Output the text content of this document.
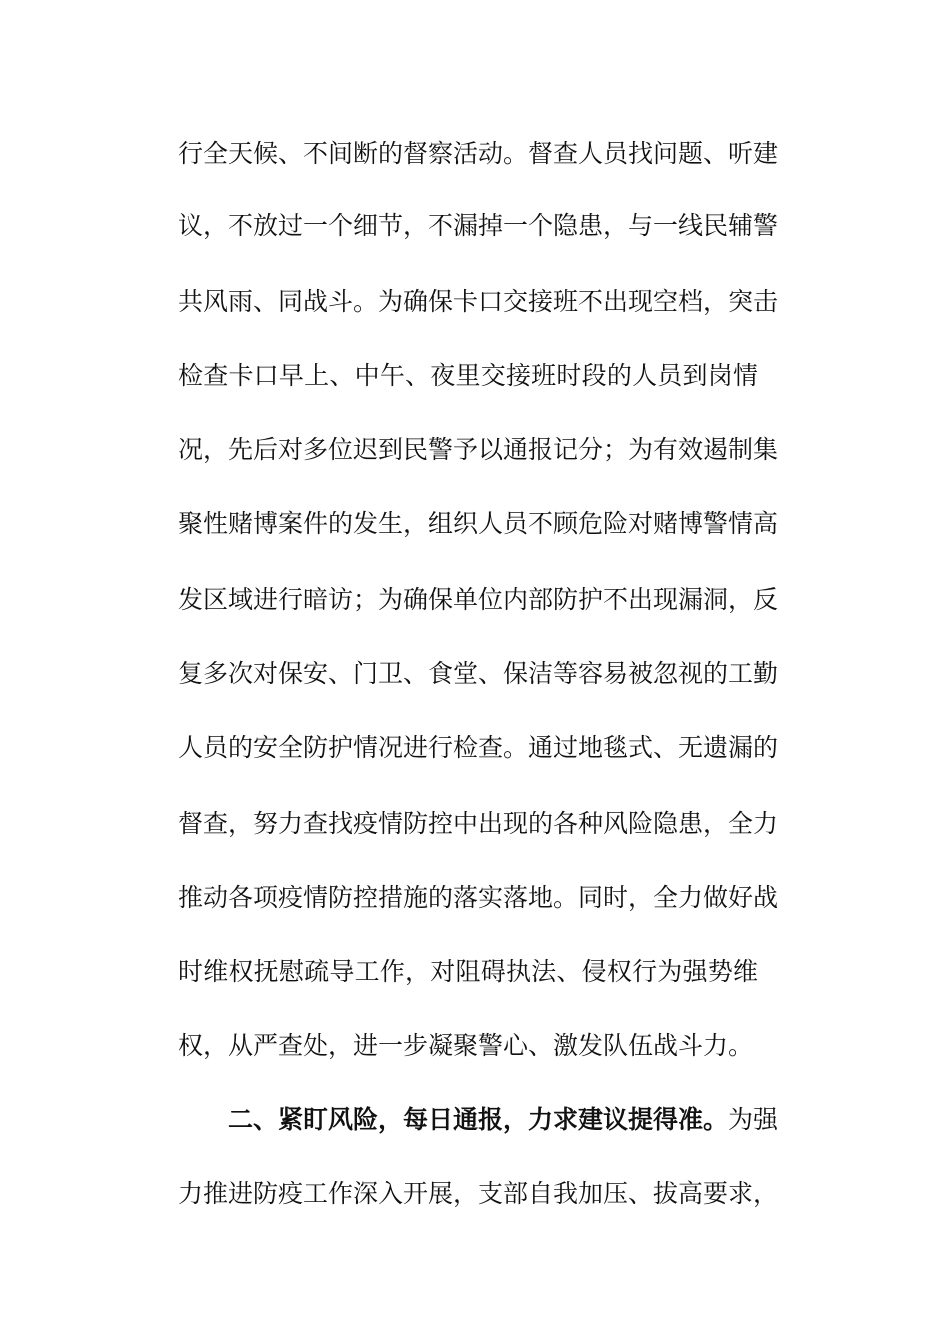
行全天候、不间断的督察活动。督查人员找问题、听建
议，不放过一个细节，不漏掉一个隐患，与一线民辅警
共风雨、同战斗。为确保卡口交接班不出现空档，突击
检查卡口早上、中午、夜里交接班时段的人员到岗情
况，先后对多位迟到民警予以通报记分；为有效遏制集
聚性赌博案件的发生，组织人员不顾危险对赌博警情高
发区域进行暗访；为确保单位内部防护不出现漏洞，反
复多次对保安、门卫、食堂、保洁等容易被忽视的工勤
人员的安全防护情况进行检查。通过地毯式、无遗漏的
督查，努力查找疫情防控中出现的各种风险隐患，全力
推动各项疫情防控措施的落实落地。同时，全力做好战
时维权抚慰疏导工作，对阻碍执法、侵权行为强势维
权，从严查处，进一步凝聚警心、激发队伍战斗力。
二、紧盯风险，每日通报，力求建议提得准。为强
力推进防疫工作深入开展，支部自我加压、拔高要求，
